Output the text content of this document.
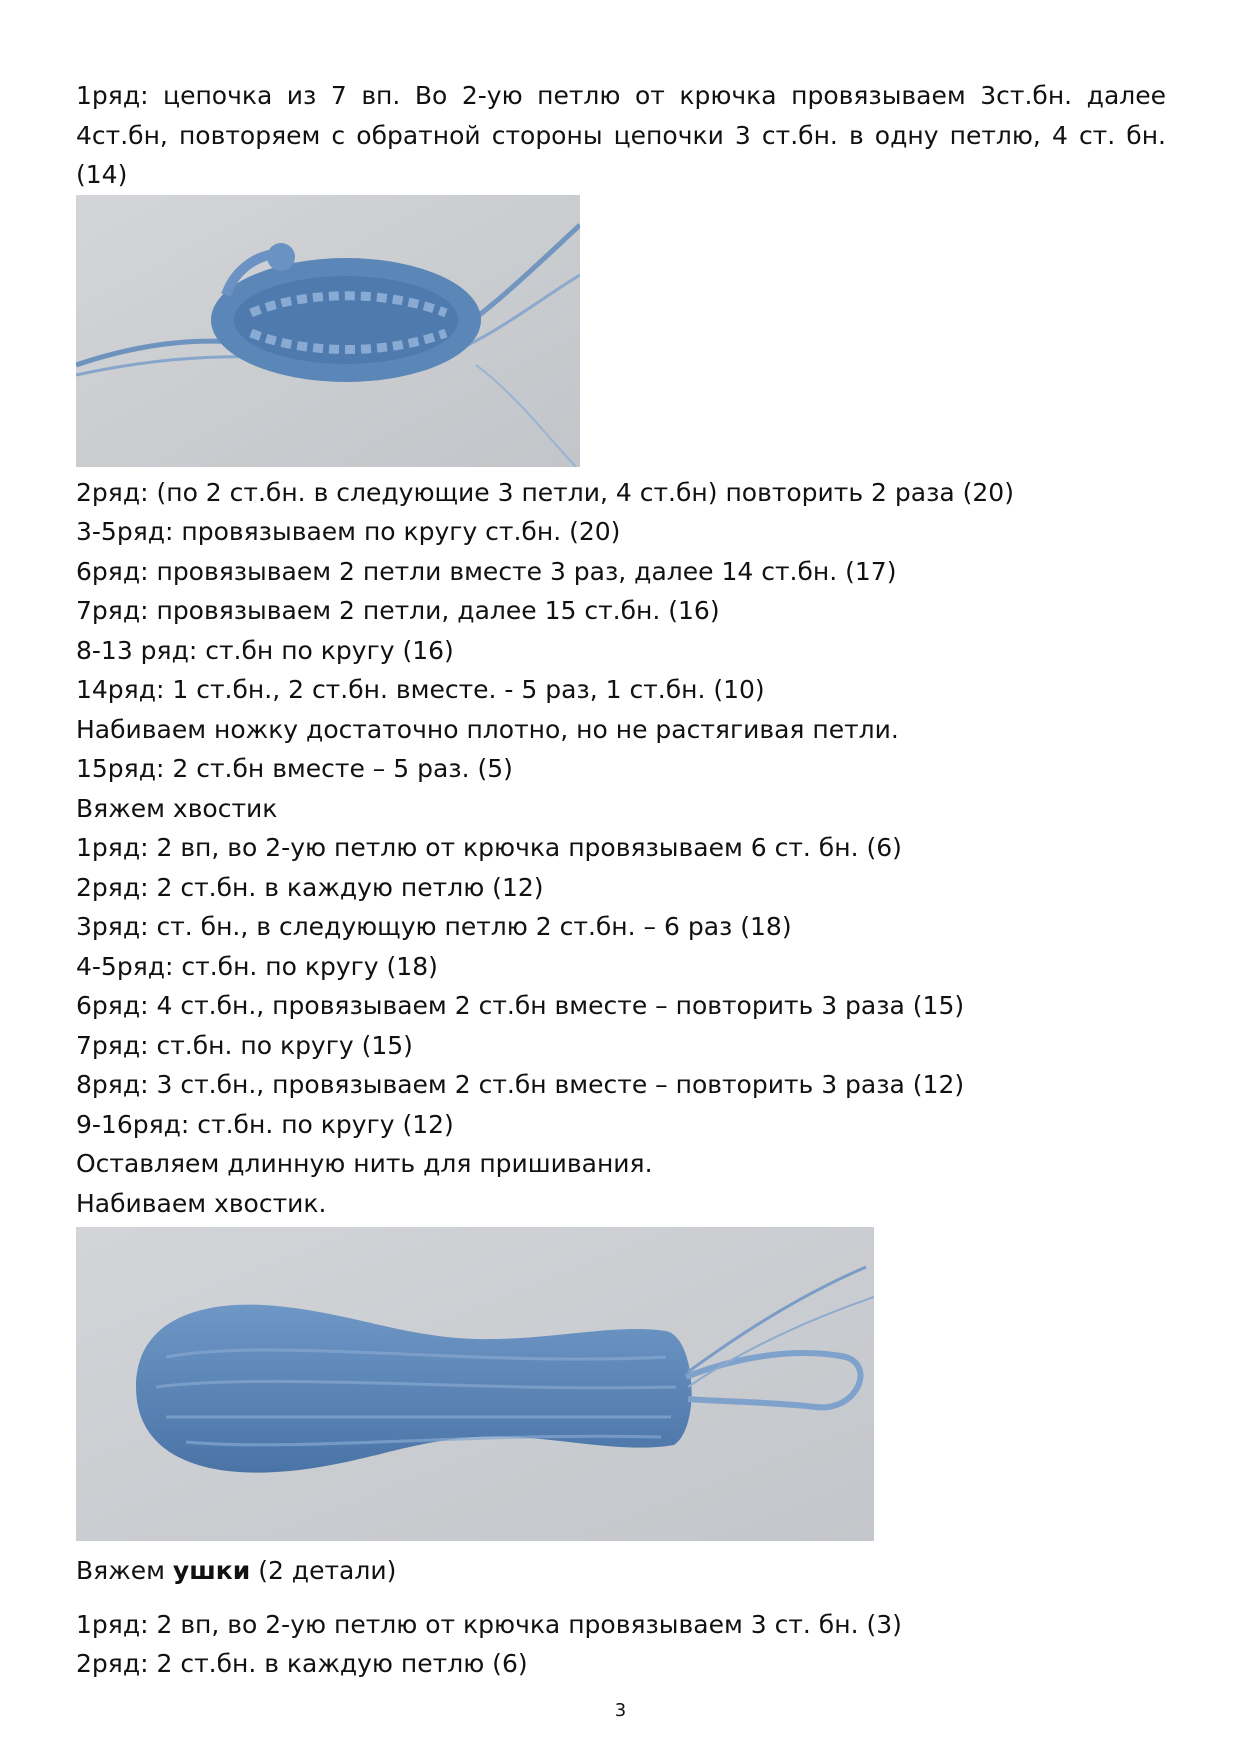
1ряд: цепочка из 7 вп. Во 2-ую петлю от крючка провязываем 3ст.бн. далее
4ст.бн, повторяем с обратной стороны цепочки 3 ст.бн. в одну петлю, 4 ст. бн.
(14)
2ряд: (по 2 ст.бн. в следующие 3 петли, 4 ст.бн) повторить 2 раза (20)
3-5ряд: провязываем по кругу ст.бн. (20)
6ряд: провязываем 2 петли вместе 3 раз, далее 14 ст.бн. (17)
7ряд: провязываем 2 петли, далее 15 ст.бн. (16)
8-13 ряд: ст.бн по кругу (16)
14ряд: 1 ст.бн., 2 ст.бн. вместе. - 5 раз, 1 ст.бн. (10)
Набиваем ножку достаточно плотно, но не растягивая петли.
15ряд: 2 ст.бн вместе – 5 раз. (5)
Вяжем хвостик
1ряд: 2 вп, во 2-ую петлю от крючка провязываем 6 ст. бн. (6)
2ряд: 2 ст.бн. в каждую петлю (12)
3ряд: ст. бн., в следующую петлю 2 ст.бн. – 6 раз (18)
4-5ряд: ст.бн. по кругу (18)
6ряд: 4 ст.бн., провязываем 2 ст.бн вместе – повторить 3 раза (15)
7ряд: ст.бн. по кругу (15)
8ряд: 3 ст.бн., провязываем 2 ст.бн вместе – повторить 3 раза (12)
9-16ряд: ст.бн. по кругу (12)
Оставляем длинную нить для пришивания.
Набиваем хвостик.
Вяжем ушки (2 детали)
1ряд: 2 вп, во 2-ую петлю от крючка провязываем 3 ст. бн. (3)
2ряд: 2 ст.бн. в каждую петлю (6)
3
